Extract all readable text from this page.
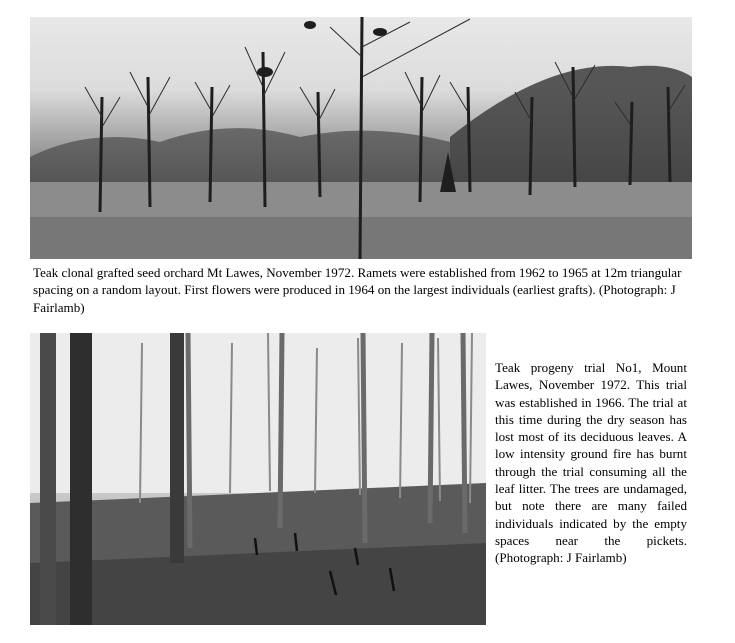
Teak clonal grafted seed orchard Mt Lawes, November 1972. Ramets were established from 1962 to 1965 at 12m triangular spacing on a random layout. First flowers were produced in 1964 on the largest individuals (earliest grafts). (Photograph: J Fairlamb)

Teak progeny trial No1, Mount Lawes, November 1972. This trial was established in 1966. The trial at this time during the dry season has lost most of its deciduous leaves. A low intensity ground fire has burnt through the trial consuming all the leaf litter. The trees are undamaged, but note there are many failed individuals indicated by the empty spaces near the pickets. (Photograph: J Fairlamb)
